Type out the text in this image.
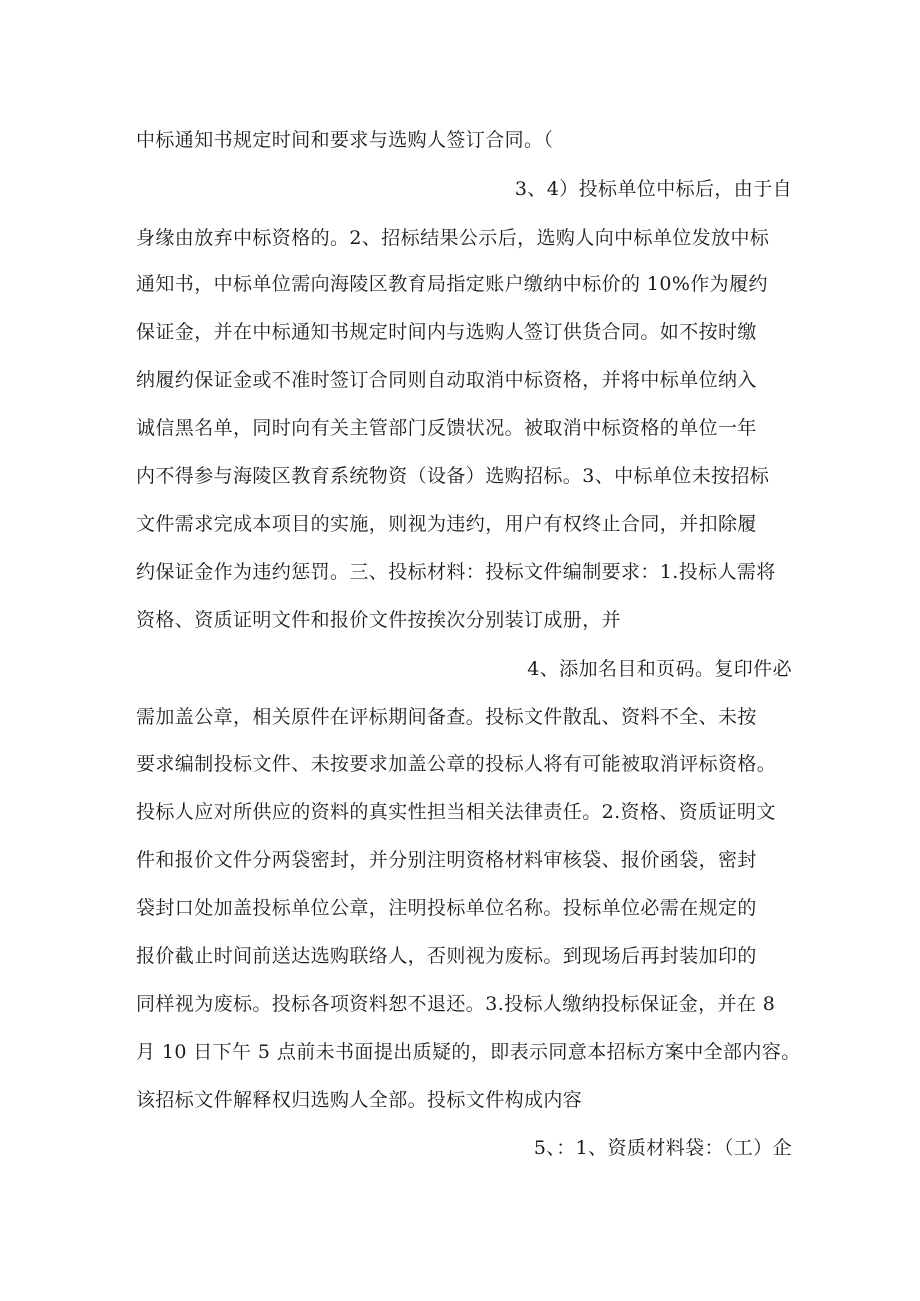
中标通知书规定时间和要求与选购人签订合同。（
3、4）投标单位中标后，由于自
身缘由放弃中标资格的。2、招标结果公示后，选购人向中标单位发放中标
通知书，中标单位需向海陵区教育局指定账户缴纳中标价的 10%作为履约
保证金，并在中标通知书规定时间内与选购人签订供货合同。如不按时缴
纳履约保证金或不准时签订合同则自动取消中标资格，并将中标单位纳入
诚信黑名单，同时向有关主管部门反馈状况。被取消中标资格的单位一年
内不得参与海陵区教育系统物资（设备）选购招标。3、中标单位未按招标
文件需求完成本项目的实施，则视为违约，用户有权终止合同，并扣除履
约保证金作为违约惩罚。三、投标材料：投标文件编制要求：1.投标人需将
资格、资质证明文件和报价文件按挨次分别装订成册，并
4、添加名目和页码。复印件必
需加盖公章，相关原件在评标期间备查。投标文件散乱、资料不全、未按
要求编制投标文件、未按要求加盖公章的投标人将有可能被取消评标资格。
投标人应对所供应的资料的真实性担当相关法律责任。2.资格、资质证明文
件和报价文件分两袋密封，并分别注明资格材料审核袋、报价函袋，密封
袋封口处加盖投标单位公章，注明投标单位名称。投标单位必需在规定的
报价截止时间前送达选购联络人，否则视为废标。到现场后再封装加印的
同样视为废标。投标各项资料恕不退还。3.投标人缴纳投标保证金，并在 8
月 10 日下午 5 点前未书面提出质疑的，即表示同意本招标方案中全部内容。
该招标文件解释权归选购人全部。投标文件构成内容
5、：1、资质材料袋：（工）企
